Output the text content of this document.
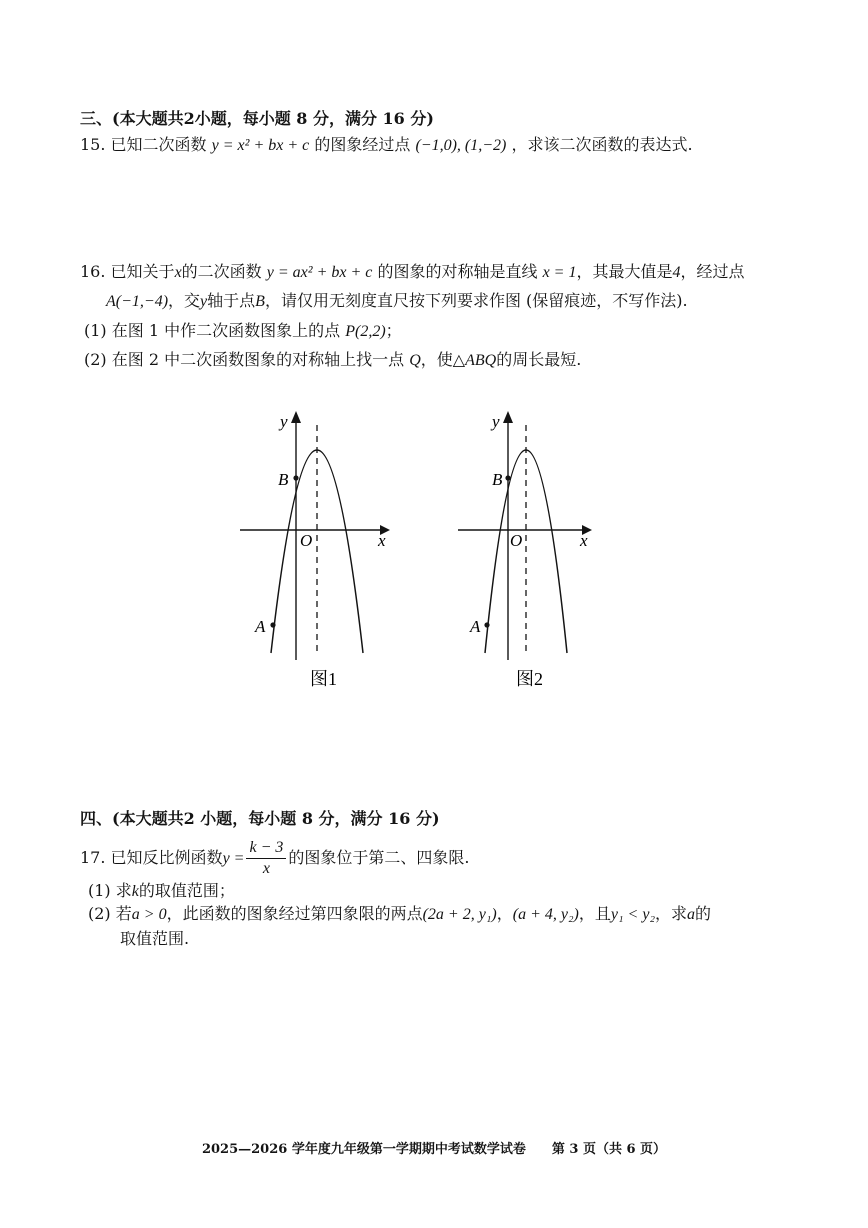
三、(本大题共2小题，每小题 8 分，满分 16 分)
15. 已知二次函数 y = x² + bx + c 的图象经过点 (−1,0), (1,−2) ，求该二次函数的表达式.
16. 已知关于x的二次函数 y = ax² + bx + c 的图象的对称轴是直线 x = 1，其最大值是4，经过点
A(−1,−4)，交y轴于点B，请仅用无刻度直尺按下列要求作图 (保留痕迹，不写作法).
(1) 在图 1 中作二次函数图象上的点 P(2,2)；
(2) 在图 2 中二次函数图象的对称轴上找一点 Q，使△ABQ的周长最短.
x
y
O
A
B
图1
x
y
O
A
B
图2
四、(本大题共2 小题，每小题 8 分，满分 16 分)
17. 已知反比例函数$y = \frac{k - 3}{x}$ 的图象位于第二、四象限.
(1) 求k的取值范围；
(2) 若a > 0，此函数的图象经过第四象限的两点(2a + 2, y₁)，(a + 4, y₂)，且y₁ < y₂，求a的
取值范围.
2025—2026 学年度九年级第一学期期中考试数学试卷　　第 3 页（共 6 页）
